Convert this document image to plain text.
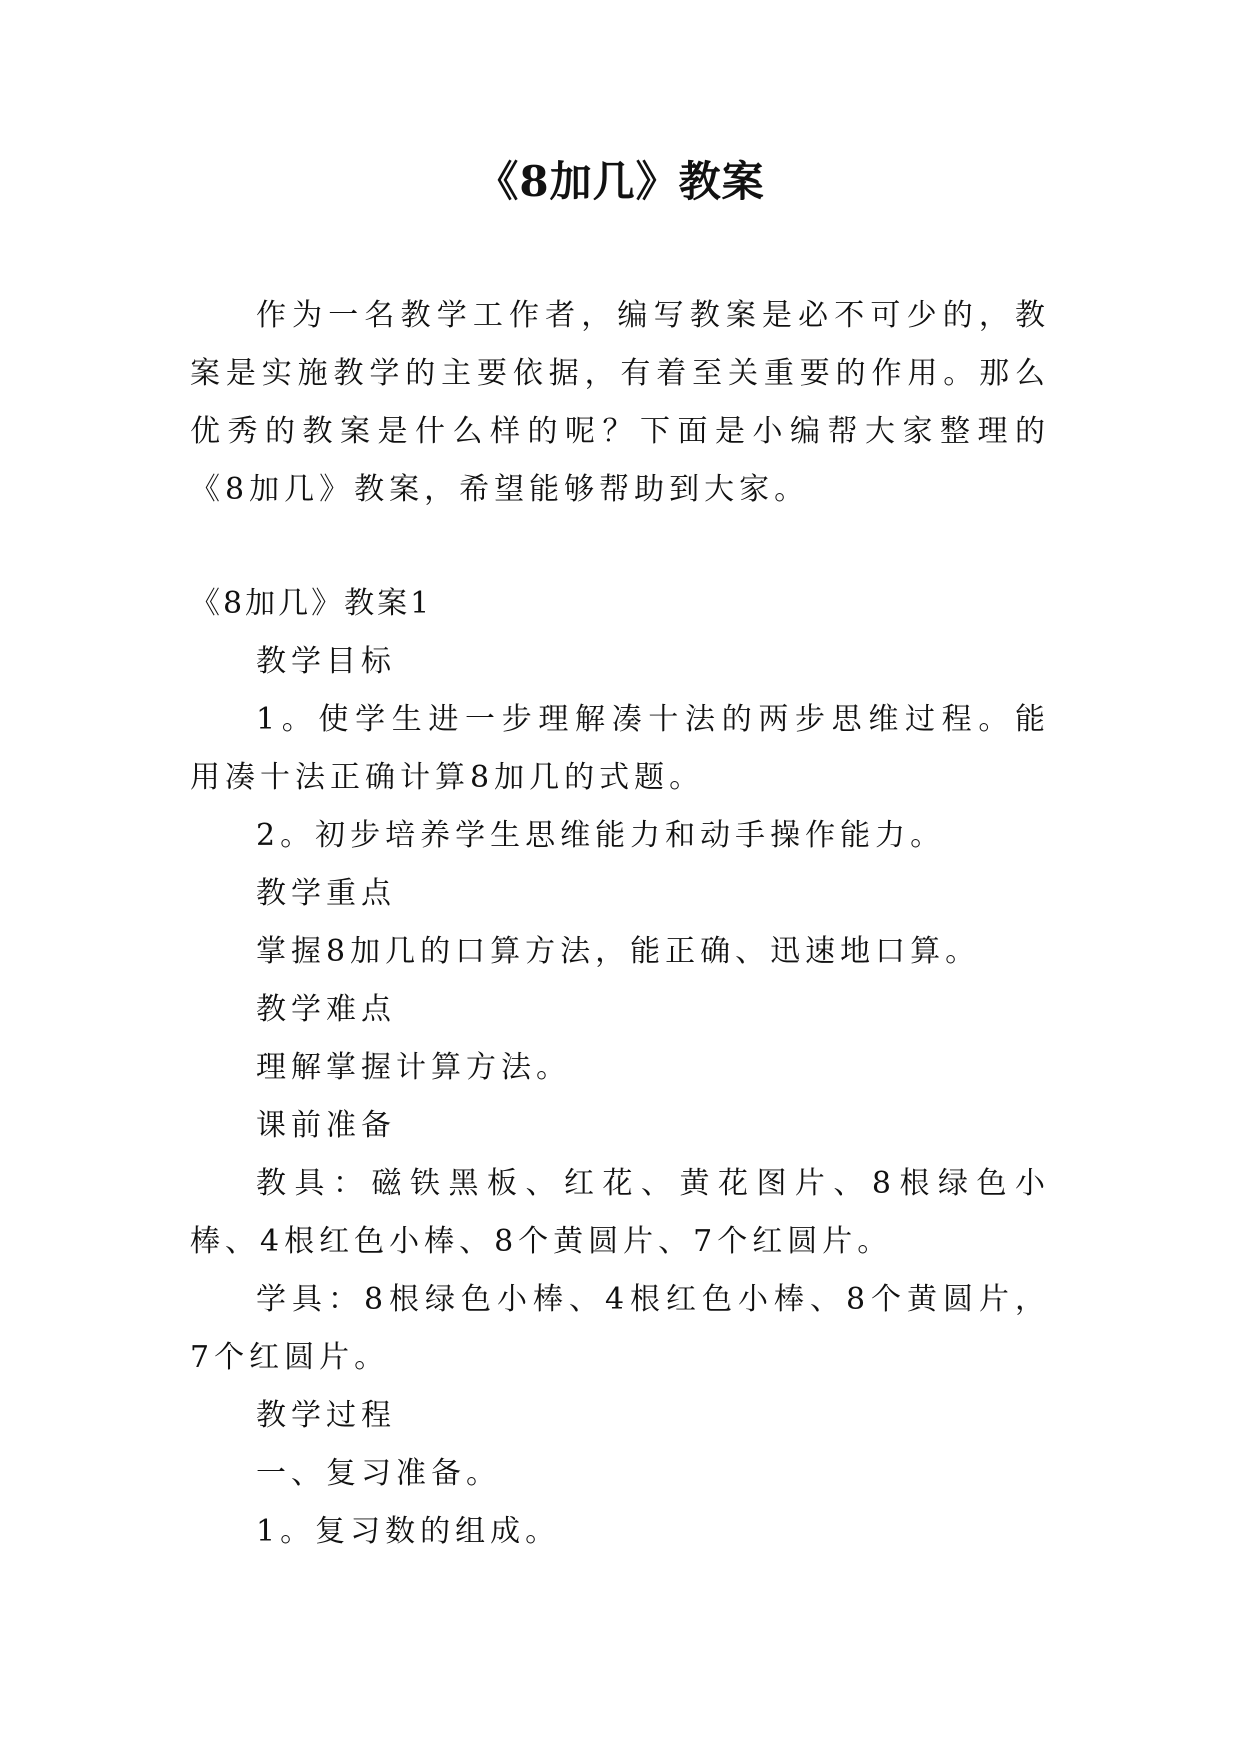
《8加几》教案

作为一名教学工作者，编写教案是必不可少的，教案是实施教学的主要依据，有着至关重要的作用。那么优秀的教案是什么样的呢？下面是小编帮大家整理的《8加几》教案，希望能够帮助到大家。

《8加几》教案1

教学目标

1。使学生进一步理解凑十法的两步思维过程。能用凑十法正确计算8加几的式题。

2。初步培养学生思维能力和动手操作能力。

教学重点

掌握8加几的口算方法，能正确、迅速地口算。

教学难点

理解掌握计算方法。

课前准备

教具：磁铁黑板、红花、黄花图片、8根绿色小棒、4根红色小棒、8个黄圆片、7个红圆片。

学具：8根绿色小棒、4根红色小棒、8个黄圆片，7个红圆片。

教学过程

一、复习准备。

1。复习数的组成。
